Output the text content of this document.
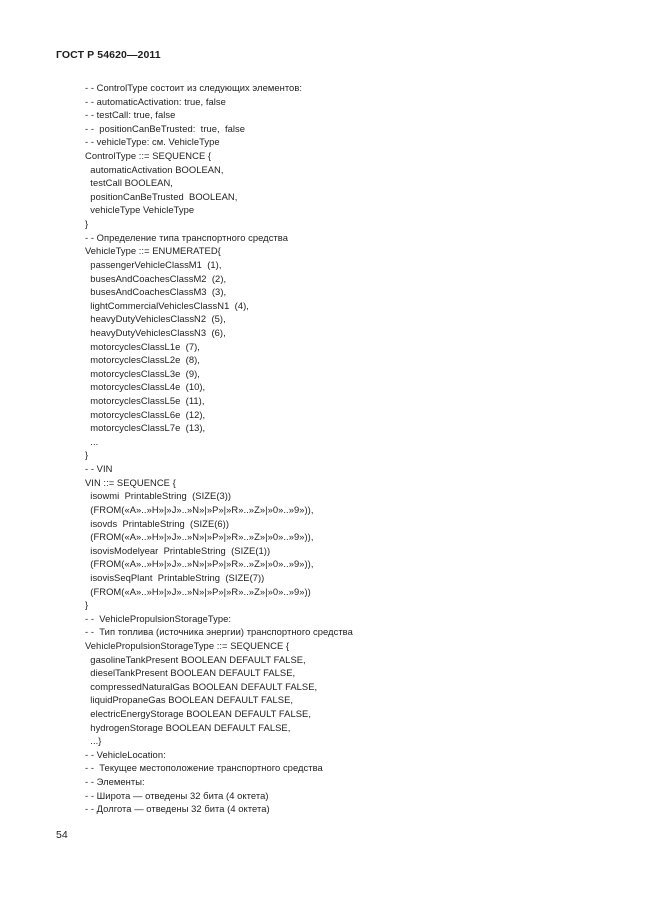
ГОСТ Р 54620—2011
- - ControlType состоит из следующих элементов:
- - automaticActivation: true, false
- - testCall: true, false
- -  positionCanBeTrusted:  true,  false
- - vehicleType: см. VehicleType
ControlType ::= SEQUENCE {
automaticActivation BOOLEAN,
testCall BOOLEAN,
positionCanBeTrusted  BOOLEAN,
vehicleType VehicleType
}
- - Определение типа транспортного средства
VehicleType ::= ENUMERATED{
passengerVehicleClassM1  (1),
busesAndCoachesClassM2  (2),
busesAndCoachesClassM3  (3),
lightCommercialVehiclesClassN1  (4),
heavyDutyVehiclesClassN2  (5),
heavyDutyVehiclesClassN3  (6),
motorcyclesClassL1e  (7),
motorcyclesClassL2e  (8),
motorcyclesClassL3e  (9),
motorcyclesClassL4e  (10),
motorcyclesClassL5e  (11),
motorcyclesClassL6e  (12),
motorcyclesClassL7e  (13),
...
}
- - VIN
VIN ::= SEQUENCE {
isowmi  PrintableString  (SIZE(3))
(FROM(«A»..»H»|»J»..»N»|»P»|»R»..»Z»|»0»..»9»)),
isovds  PrintableString  (SIZE(6))
(FROM(«A»..»H»|»J»..»N»|»P»|»R»..»Z»|»0»..»9»)),
isovisModelyear  PrintableString  (SIZE(1))
(FROM(«A»..»H»|»J»..»N»|»P»|»R»..»Z»|»0»..»9»)),
isovisSeqPlant  PrintableString  (SIZE(7))
(FROM(«A»..»H»|»J»..»N»|»P»|»R»..»Z»|»0»..»9»))
}
- -  VehiclePropulsionStorageType:
- -  Тип топлива (источника энергии) транспортного средства
VehiclePropulsionStorageType ::= SEQUENCE {
gasolineTankPresent BOOLEAN DEFAULT FALSE,
dieselTankPresent BOOLEAN DEFAULT FALSE,
compressedNaturalGas BOOLEAN DEFAULT FALSE,
liquidPropaneGas BOOLEAN DEFAULT FALSE,
electricEnergyStorage BOOLEAN DEFAULT FALSE,
hydrogenStorage BOOLEAN DEFAULT FALSE,
...}
- - VehicleLocation:
- -  Текущее местоположение транспортного средства
- - Элементы:
- - Широта — отведены 32 бита (4 октета)
- - Долгота — отведены 32 бита (4 октета)
54
